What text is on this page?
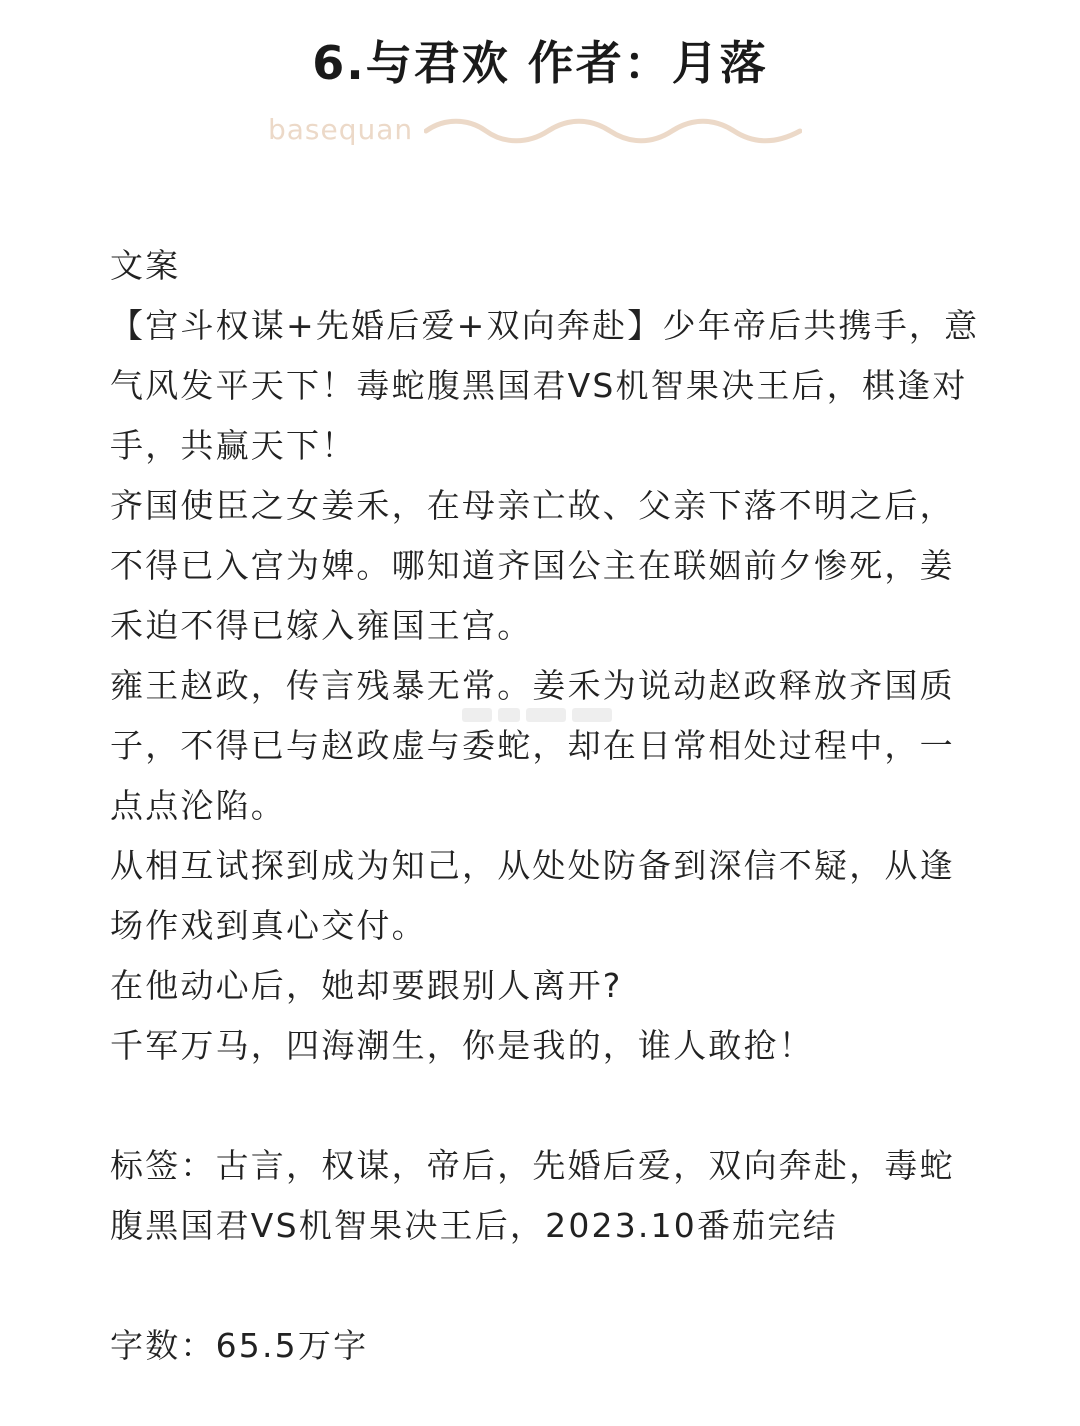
6.与君欢 作者：月落
basequan

文案

【宫斗权谋+先婚后爱+双向奔赴】少年帝后共携手，意气风发平天下！毒蛇腹黑国君VS机智果决王后，棋逢对手，共赢天下！

齐国使臣之女姜禾，在母亲亡故、父亲下落不明之后，不得已入宫为婢。哪知道齐国公主在联姻前夕惨死，姜禾迫不得已嫁入雍国王宫。

雍王赵政，传言残暴无常。姜禾为说动赵政释放齐国质子，不得已与赵政虚与委蛇，却在日常相处过程中，一点点沦陷。

从相互试探到成为知己，从处处防备到深信不疑，从逢场作戏到真心交付。

在他动心后，她却要跟别人离开?

千军万马，四海潮生，你是我的，谁人敢抢！

标签：古言，权谋，帝后，先婚后爱，双向奔赴，毒蛇腹黑国君VS机智果决王后，2023.10番茄完结

字数：65.5万字
